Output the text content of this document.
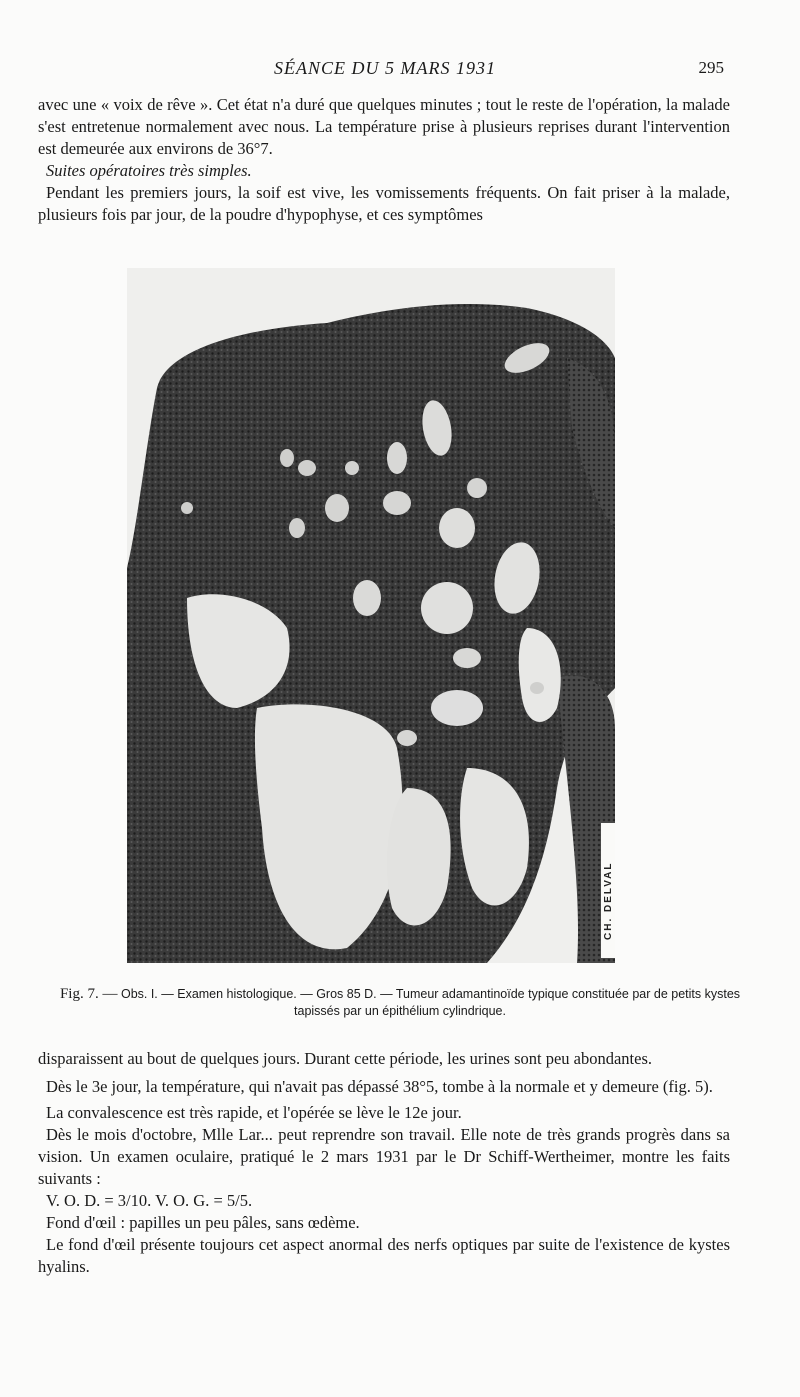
SÉANCE DU 5 MARS 1931	295

avec une « voix de rêve ». Cet état n'a duré que quelques minutes ; tout le reste de l'opération, la malade s'est entretenue normalement avec nous. La température prise à plusieurs reprises durant l'intervention est demeurée aux environs de 36°7.

Suites opératoires très simples.

Pendant les premiers jours, la soif est vive, les vomissements fréquents. On fait priser à la malade, plusieurs fois par jour, de la poudre d'hypophyse, et ces symptômes

CH. DELVAL
Fig. 7. — Obs. I. — Examen histologique. — Gros 85 D. — Tumeur adamantinoïde typique constituée par de petits kystes tapissés par un épithélium cylindrique.

disparaissent au bout de quelques jours. Durant cette période, les urines sont peu abondantes.

Dès le 3e jour, la température, qui n'avait pas dépassé 38°5, tombe à la normale et y demeure (fig. 5).

La convalescence est très rapide, et l'opérée se lève le 12e jour.

Dès le mois d'octobre, Mlle Lar... peut reprendre son travail. Elle note de très grands progrès dans sa vision. Un examen oculaire, pratiqué le 2 mars 1931 par le Dr Schiff-Wertheimer, montre les faits suivants :

V. O. D. = 3/10. V. O. G. = 5/5.

Fond d'œil : papilles un peu pâles, sans œdème.

Le fond d'œil présente toujours cet aspect anormal des nerfs optiques par suite de l'existence de kystes hyalins.
